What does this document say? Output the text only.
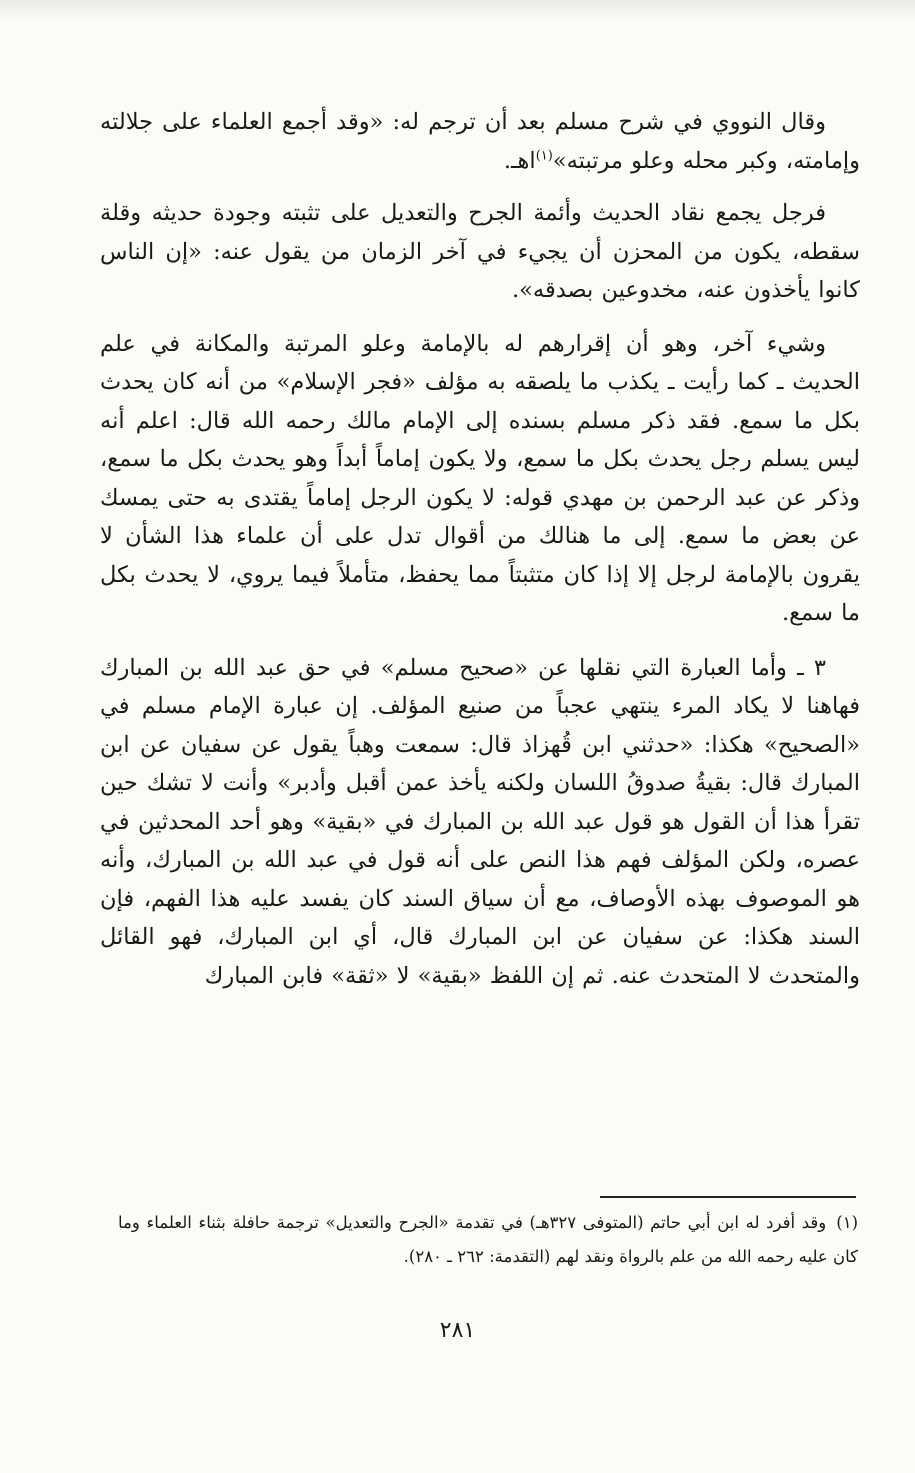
وقال النووي في شرح مسلم بعد أن ترجم له: «وقد أجمع العلماء على جلالته وإمامته، وكبر محله وعلو مرتبته»$^{(١)}$اهـ.

فرجل يجمع نقاد الحديث وأئمة الجرح والتعديل على تثبته وجودة حديثه وقلة سقطه، يكون من المحزن أن يجيء في آخر الزمان من يقول عنه: «إن الناس كانوا يأخذون عنه، مخدوعين بصدقه».

وشيء آخر، وهو أن إقرارهم له بالإمامة وعلو المرتبة والمكانة في علم الحديث ـ كما رأيت ـ يكذب ما يلصقه به مؤلف «فجر الإسلام» من أنه كان يحدث بكل ما سمع. فقد ذكر مسلم بسنده إلى الإمام مالك رحمه الله قال: اعلم أنه ليس يسلم رجل يحدث بكل ما سمع، ولا يكون إماماً أبداً وهو يحدث بكل ما سمع، وذكر عن عبد الرحمن بن مهدي قوله: لا يكون الرجل إماماً يقتدى به حتى يمسك عن بعض ما سمع. إلى ما هنالك من أقوال تدل على أن علماء هذا الشأن لا يقرون بالإمامة لرجل إلا إذا كان متثبتاً مما يحفظ، متأملاً فيما يروي، لا يحدث بكل ما سمع.

٣ ـ وأما العبارة التي نقلها عن «صحيح مسلم» في حق عبد الله بن المبارك فهاهنا لا يكاد المرء ينتهي عجباً من صنيع المؤلف. إن عبارة الإمام مسلم في «الصحيح» هكذا: «حدثني ابن قُهزاذ قال: سمعت وهباً يقول عن سفيان عن ابن المبارك قال: بقيةُ صدوقُ اللسان ولكنه يأخذ عمن أقبل وأدبر» وأنت لا تشك حين تقرأ هذا أن القول هو قول عبد الله بن المبارك في «بقية» وهو أحد المحدثين في عصره، ولكن المؤلف فهم هذا النص على أنه قول في عبد الله بن المبارك، وأنه هو الموصوف بهذه الأوصاف، مع أن سياق السند كان يفسد عليه هذا الفهم، فإن السند هكذا: عن سفيان عن ابن المبارك قال، أي ابن المبارك، فهو القائل والمتحدث لا المتحدث عنه. ثم إن اللفظ «بقية» لا «ثقة» فابن المبارك

(١)وقد أفرد له ابن أبي حاتم (المتوفى ٣٢٧هـ) في تقدمة «الجرح والتعديل» ترجمة حافلة بثناء العلماء وما كان عليه رحمه الله من علم بالرواة ونقد لهم (التقدمة: ٢٦٢ ـ ٢٨٠).
٢٨١
